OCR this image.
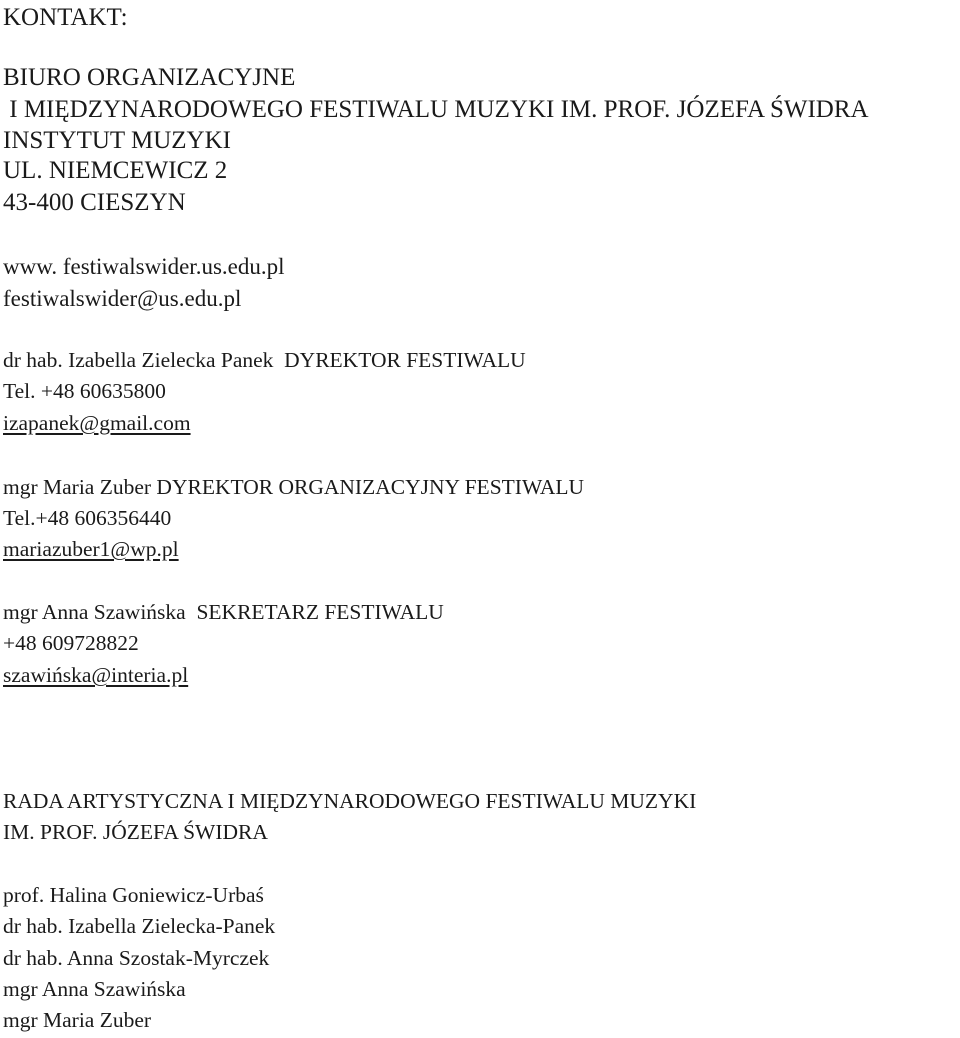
KONTAKT:
BIURO ORGANIZACYJNE
I MIĘDZYNARODOWEGO FESTIWALU MUZYKI IM. PROF. JÓZEFA ŚWIDRA
INSTYTUT MUZYKI
UL. NIEMCEWICZ 2
43-400 CIESZYN
www. festiwalswider.us.edu.pl
festiwalswider@us.edu.pl
dr hab. Izabella Zielecka Panek  DYREKTOR FESTIWALU
Tel. +48 60635800
izapanek@gmail.com
mgr Maria Zuber DYREKTOR ORGANIZACYJNY FESTIWALU
Tel.+48 606356440
mariazuber1@wp.pl
mgr Anna Szawińska  SEKRETARZ FESTIWALU
+48 609728822
szawińska@interia.pl
RADA ARTYSTYCZNA I MIĘDZYNARODOWEGO FESTIWALU MUZYKI
IM. PROF. JÓZEFA ŚWIDRA
prof. Halina Goniewicz-Urbaś
dr hab. Izabella Zielecka-Panek
dr hab. Anna Szostak-Myrczek
mgr Anna Szawińska
mgr Maria Zuber
